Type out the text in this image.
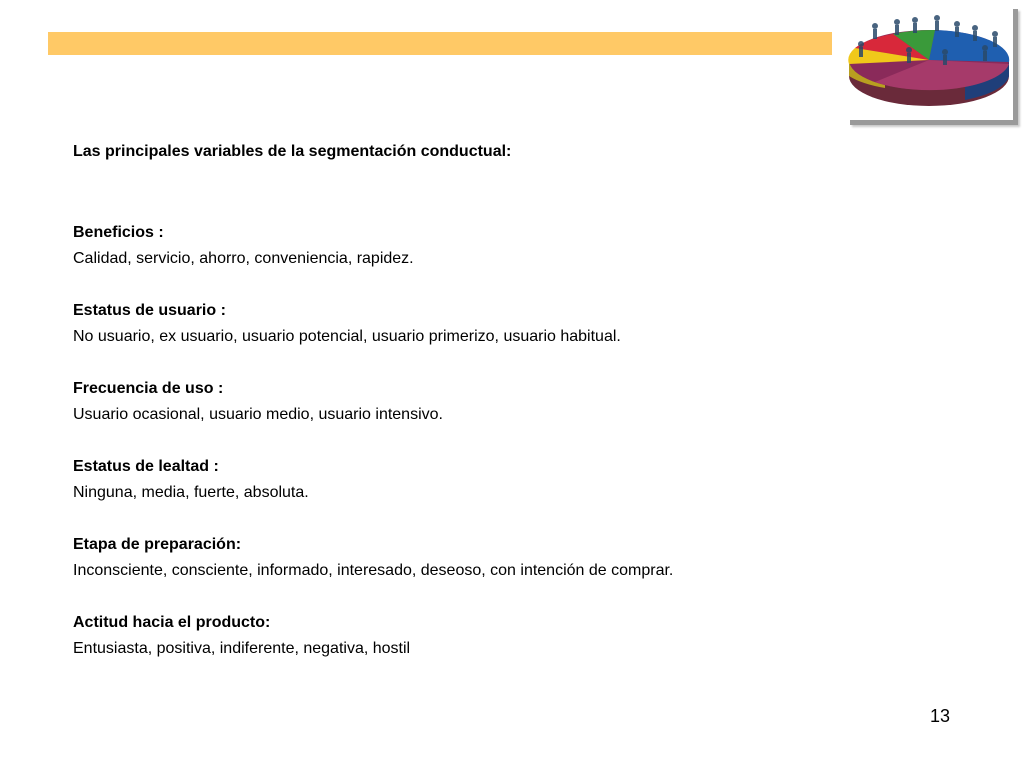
Las principales variables de la segmentación conductual:

Beneficios :

Calidad, servicio, ahorro, conveniencia, rapidez.

Estatus de usuario :

No usuario, ex usuario, usuario potencial, usuario primerizo, usuario habitual.

Frecuencia de uso :

Usuario ocasional, usuario medio, usuario intensivo.

Estatus de lealtad :

Ninguna, media, fuerte, absoluta.

Etapa de preparación:

Inconsciente, consciente, informado, interesado, deseoso, con intención de comprar.

Actitud hacia el producto:

Entusiasta, positiva, indiferente, negativa, hostil

13
